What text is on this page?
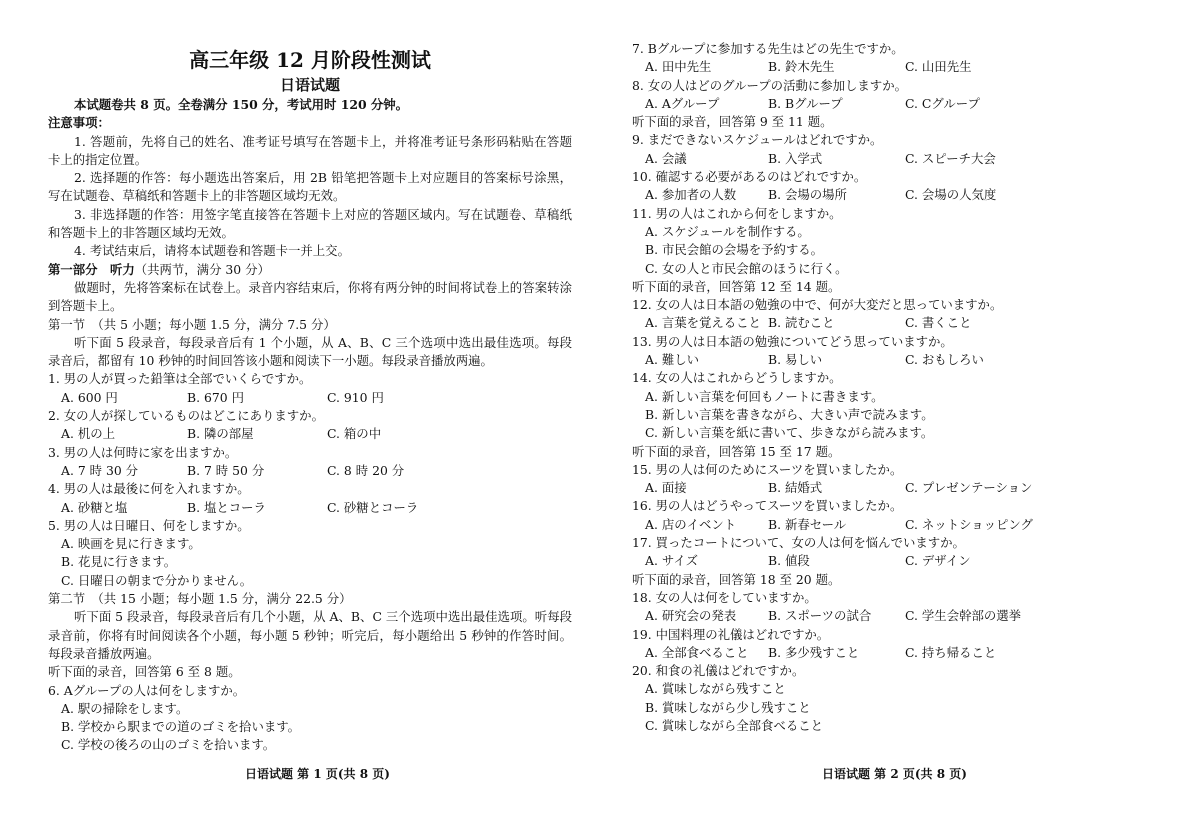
高三年级 12 月阶段性测试
日语试题
本试题卷共 8 页。全卷满分 150 分，考试用时 120 分钟。
注意事项：
1. 答题前，先将自己的姓名、准考证号填写在答题卡上，并将准考证号条形码粘贴在答题卡上的指定位置。
2. 选择题的作答：每小题选出答案后，用 2B 铅笔把答题卡上对应题目的答案标号涂黑，写在试题卷、草稿纸和答题卡上的非答题区域均无效。
3. 非选择题的作答：用签字笔直接答在答题卡上对应的答题区域内。写在试题卷、草稿纸和答题卡上的非答题区域均无效。
4. 考试结束后，请将本试题卷和答题卡一并上交。
第一部分　听力（共两节，满分 30 分）
做题时，先将答案标在试卷上。录音内容结束后，你将有两分钟的时间将试卷上的答案转涂到答题卡上。
第一节　（共 5 小题；每小题 1.5 分，满分 7.5 分）
听下面 5 段录音，每段录音后有 1 个小题，从 A、B、C 三个选项中选出最佳选项。每段录音后，都留有 10 秒钟的时间回答该小题和阅读下一小题。每段录音播放两遍。
1. 男の人が買った鉛筆は全部でいくらですか。
A. 600 円	B. 670 円	C. 910 円
2. 女の人が探しているものはどこにありますか。
A. 机の上	B. 隣の部屋	C. 箱の中
3. 男の人は何時に家を出ますか。
A. 7 時 30 分	B. 7 時 50 分	C. 8 時 20 分
4. 男の人は最後に何を入れますか。
A. 砂糖と塩	B. 塩とコーラ	C. 砂糖とコーラ
5. 男の人は日曜日、何をしますか。
A. 映画を見に行きます。
B. 花見に行きます。
C. 日曜日の朝まで分かりません。
第二节　（共 15 小题；每小题 1.5 分，满分 22.5 分）
听下面 5 段录音，每段录音后有几个小题，从 A、B、C 三个选项中选出最佳选项。听每段录音前，你将有时间阅读各个小题，每小题 5 秒钟；听完后，每小题给出 5 秒钟的作答时间。每段录音播放两遍。
听下面的录音，回答第 6 至 8 题。
6. Aグループの人は何をしますか。
A. 駅の掃除をします。
B. 学校から駅までの道のゴミを拾います。
C. 学校の後ろの山のゴミを拾います。
日语试题 第 1 页(共 8 页)
7. Bグループに参加する先生はどの先生ですか。
A. 田中先生	B. 鈴木先生	C. 山田先生
8. 女の人はどのグループの活動に参加しますか。
A. Aグループ	B. Bグループ	C. Cグループ
听下面的录音，回答第 9 至 11 题。
9. まだできないスケジュールはどれですか。
A. 会議	B. 入学式	C. スピーチ大会
10. 確認する必要があるのはどれですか。
A. 参加者の人数	B. 会場の場所	C. 会場の人気度
11. 男の人はこれから何をしますか。
A. スケジュールを制作する。
B. 市民会館の会場を予約する。
C. 女の人と市民会館のほうに行く。
听下面的录音，回答第 12 至 14 题。
12. 女の人は日本語の勉強の中で、何が大変だと思っていますか。
A. 言葉を覚えること B. 読むこと	C. 書くこと
13. 男の人は日本語の勉強についてどう思っていますか。
A. 難しい	B. 易しい	C. おもしろい
14. 女の人はこれからどうしますか。
A. 新しい言葉を何回もノートに書きます。
B. 新しい言葉を書きながら、大きい声で読みます。
C. 新しい言葉を紙に書いて、歩きながら読みます。
听下面的录音，回答第 15 至 17 题。
15. 男の人は何のためにスーツを買いましたか。
A. 面接	B. 結婚式	C. プレゼンテーション
16. 男の人はどうやってスーツを買いましたか。
A. 店のイベント	B. 新春セール	C. ネットショッピング
17. 買ったコートについて、女の人は何を悩んでいますか。
A. サイズ	B. 値段	C. デザイン
听下面的录音，回答第 18 至 20 题。
18. 女の人は何をしていますか。
A. 研究会の発表	B. スポーツの試合	C. 学生会幹部の選挙
19. 中国料理の礼儀はどれですか。
A. 全部食べること	B. 多少残すこと	C. 持ち帰ること
20. 和食の礼儀はどれですか。
A. 賞味しながら残すこと
B. 賞味しながら少し残すこと
C. 賞味しながら全部食べること
日语试题 第 2 页(共 8 页)
